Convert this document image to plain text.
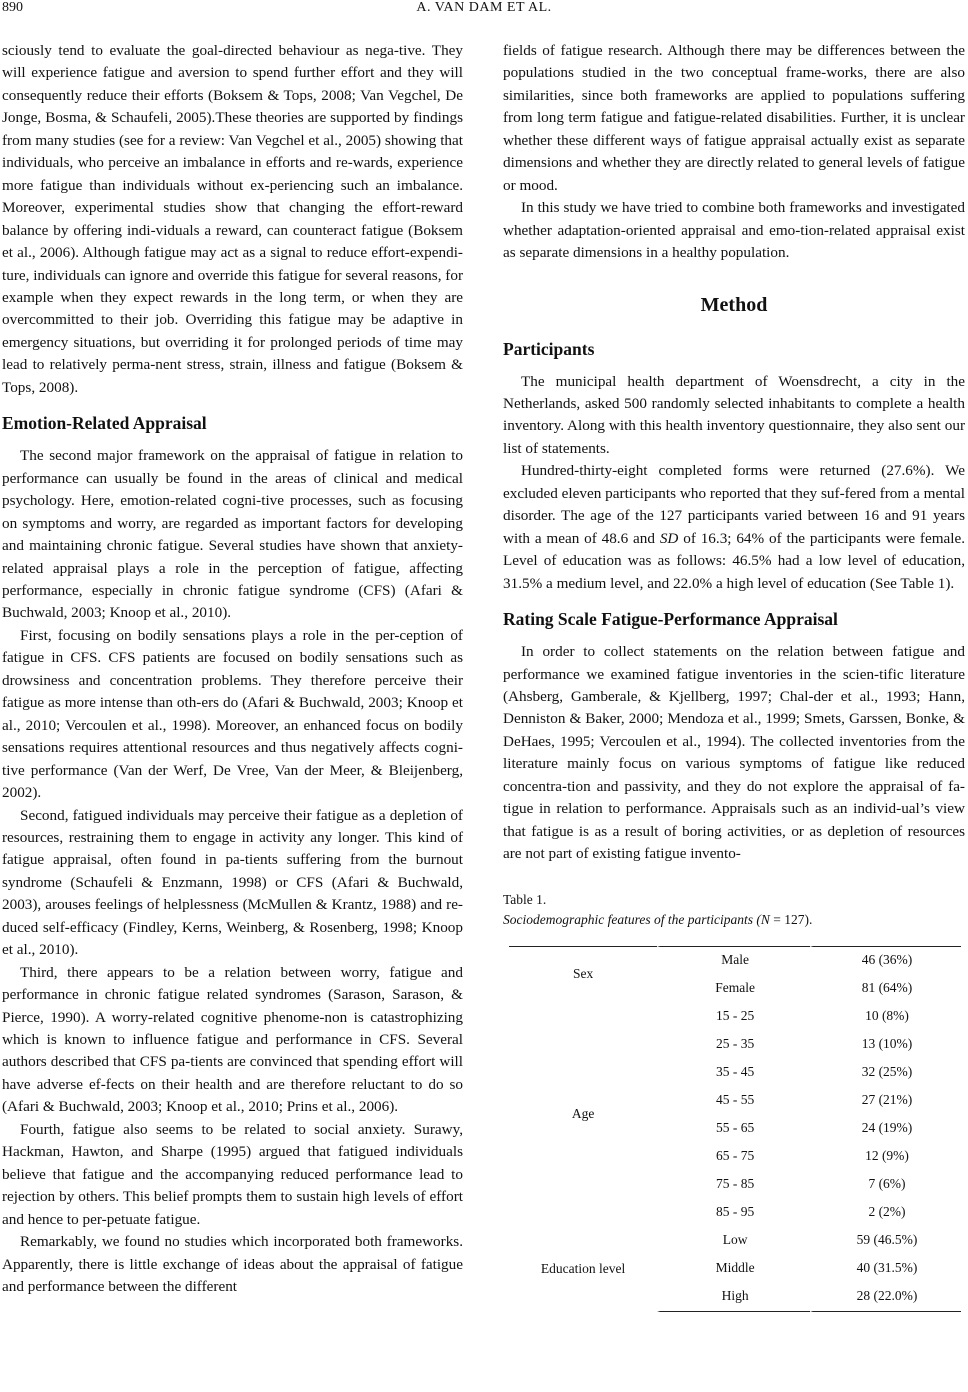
890	A. VAN DAM ET AL.

sciously tend to evaluate the goal-directed behaviour as nega-tive. They will experience fatigue and aversion to spend further effort and they will consequently reduce their efforts (Boksem & Tops, 2008; Van Vegchel, De Jonge, Bosma, & Schaufeli, 2005).These theories are supported by findings from many studies (see for a review: Van Vegchel et al., 2005) showing that individuals, who perceive an imbalance in efforts and re-wards, experience more fatigue than individuals without ex-periencing such an imbalance. Moreover, experimental studies show that changing the effort-reward balance by offering indi-viduals a reward, can counteract fatigue (Boksem et al., 2006). Although fatigue may act as a signal to reduce effort-expendi-ture, individuals can ignore and override this fatigue for several reasons, for example when they expect rewards in the long term, or when they are overcommitted to their job. Overriding this fatigue may be adaptive in emergency situations, but overriding it for prolonged periods of time may lead to relatively perma-nent stress, strain, illness and fatigue (Boksem & Tops, 2008).

Emotion-Related Appraisal

The second major framework on the appraisal of fatigue in relation to performance can usually be found in the areas of clinical and medical psychology. Here, emotion-related cogni-tive processes, such as focusing on symptoms and worry, are regarded as important factors for developing and maintaining chronic fatigue. Several studies have shown that anxiety-related appraisal plays a role in the perception of fatigue, affecting performance, especially in chronic fatigue syndrome (CFS) (Afari & Buchwald, 2003; Knoop et al., 2010).

First, focusing on bodily sensations plays a role in the per-ception of fatigue in CFS. CFS patients are focused on bodily sensations such as drowsiness and concentration problems. They therefore perceive their fatigue as more intense than oth-ers do (Afari & Buchwald, 2003; Knoop et al., 2010; Vercoulen et al., 1998). Moreover, an enhanced focus on bodily sensations requires attentional resources and thus negatively affects cogni-tive performance (Van der Werf, De Vree, Van der Meer, & Bleijenberg, 2002).

Second, fatigued individuals may perceive their fatigue as a depletion of resources, restraining them to engage in activity any longer. This kind of fatigue appraisal, often found in pa-tients suffering from the burnout syndrome (Schaufeli & Enzmann, 1998) or CFS (Afari & Buchwald, 2003), arouses feelings of helplessness (McMullen & Krantz, 1988) and re-duced self-efficacy (Findley, Kerns, Weinberg, & Rosenberg, 1998; Knoop et al., 2010).

Third, there appears to be a relation between worry, fatigue and performance in chronic fatigue related syndromes (Sarason, Sarason, & Pierce, 1990). A worry-related cognitive phenome-non is catastrophizing which is known to influence fatigue and performance in CFS. Several authors described that CFS pa-tients are convinced that spending effort will have adverse ef-fects on their health and are therefore reluctant to do so (Afari & Buchwald, 2003; Knoop et al., 2010; Prins et al., 2006).

Fourth, fatigue also seems to be related to social anxiety. Surawy, Hackman, Hawton, and Sharpe (1995) argued that fatigued individuals believe that fatigue and the accompanying reduced performance lead to rejection by others. This belief prompts them to sustain high levels of effort and hence to per-petuate fatigue.

Remarkably, we found no studies which incorporated both frameworks. Apparently, there is little exchange of ideas about the appraisal of fatigue and performance between the different

fields of fatigue research. Although there may be differences between the populations studied in the two conceptual frame-works, there are also similarities, since both frameworks are applied to populations suffering from long term fatigue and fatigue-related disabilities. Further, it is unclear whether these different ways of fatigue appraisal actually exist as separate dimensions and whether they are directly related to general levels of fatigue or mood.

In this study we have tried to combine both frameworks and investigated whether adaptation-oriented appraisal and emo-tion-related appraisal exist as separate dimensions in a healthy population.

Method
Participants

The municipal health department of Woensdrecht, a city in the Netherlands, asked 500 randomly selected inhabitants to complete a health inventory. Along with this health inventory questionnaire, they also sent our list of statements.

Hundred-thirty-eight completed forms were returned (27.6%). We excluded eleven participants who reported that they suf-fered from a mental disorder. The age of the 127 participants varied between 16 and 91 years with a mean of 48.6 and SD of 16.3; 64% of the participants were female. Level of education was as follows: 46.5% had a low level of education, 31.5% a medium level, and 22.0% a high level of education (See Table 1).

Rating Scale Fatigue-Performance Appraisal

In order to collect statements on the relation between fatigue and performance we examined fatigue inventories in the scien-tific literature (Ahsberg, Gamberale, & Kjellberg, 1997; Chal-der et al., 1993; Hann, Denniston & Baker, 2000; Mendoza et al., 1999; Smets, Garssen, Bonke, & DeHaes, 1995; Vercoulen et al., 1994). The collected inventories from the literature mainly focus on various symptoms of fatigue like reduced concentra-tion and passivity, and they do not explore the appraisal of fa-tigue in relation to performance. Appraisals such as an individ-ual’s view that fatigue is as a result of boring activities, or as depletion of resources are not part of existing fatigue invento-

Table 1.
Sociodemographic features of the participants (N = 127).
Sex	Male	46 (36%)
	Female	81 (64%)
Age	15 - 25	10 (8%)
	25 - 35	13 (10%)
	35 - 45	32 (25%)
	45 - 55	27 (21%)
	55 - 65	24 (19%)
	65 - 75	12 (9%)
	75 - 85	7 (6%)
	85 - 95	2 (2%)
Education level	Low	59 (46.5%)
	Middle	40 (31.5%)
	High	28 (22.0%)
